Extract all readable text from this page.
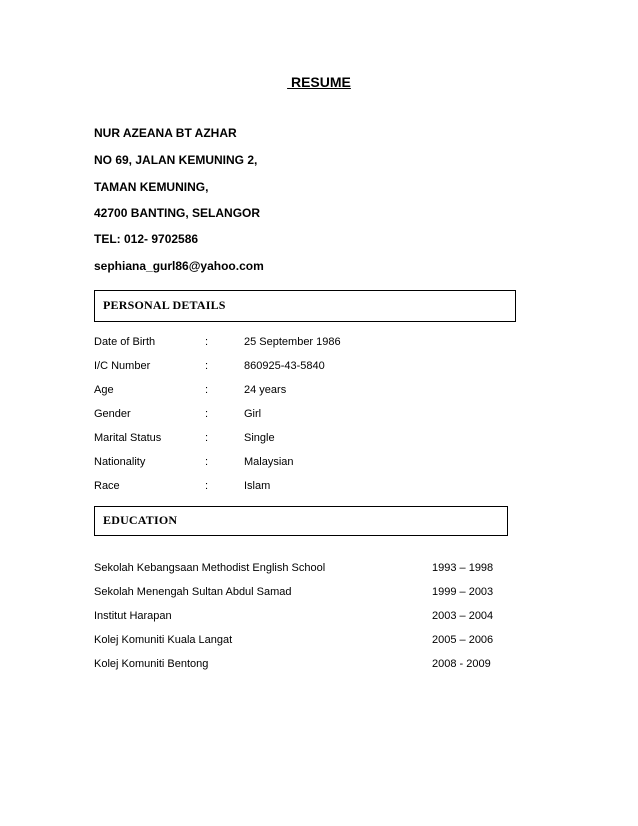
RESUME
NUR AZEANA BT AZHAR
NO 69, JALAN KEMUNING 2,
TAMAN KEMUNING,
42700 BANTING, SELANGOR
TEL: 012- 9702586
sephiana_gurl86@yahoo.com
PERSONAL DETAILS
Date of Birth	:	25 September 1986
I/C Number	:	860925-43-5840
Age	:	24 years
Gender	:	Girl
Marital Status	:	Single
Nationality	:	Malaysian
Race	:	Islam
EDUCATION
Sekolah Kebangsaan Methodist English School	1993 – 1998
Sekolah Menengah Sultan Abdul Samad	1999 – 2003
Institut Harapan	2003 – 2004
Kolej Komuniti Kuala Langat	2005 – 2006
Kolej Komuniti Bentong	2008 - 2009
